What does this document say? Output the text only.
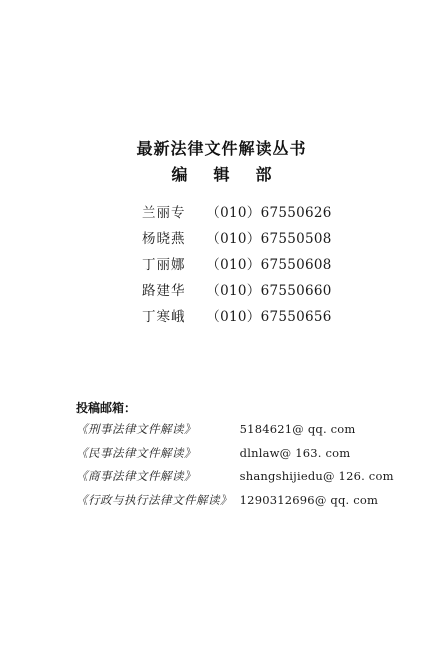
最新法律文件解读丛书
编辑部
兰丽专 （010）67550626
杨晓燕 （010）67550508
丁丽娜 （010）67550608
路建华 （010）67550660
丁寒峨 （010）67550656
投稿邮箱：
《刑事法律文件解读》	5184621@ qq. com
《民事法律文件解读》	dlnlaw@ 163. com
《商事法律文件解读》	shangshijiedu@ 126. com
《行政与执行法律文件解读》 1290312696@ qq. com
